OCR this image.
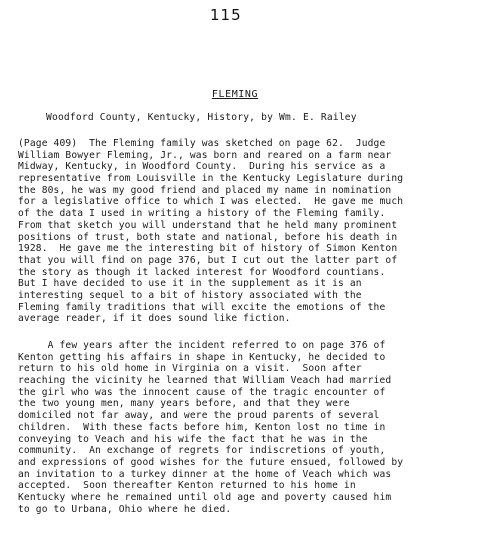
115
FLEMING
Woodford County, Kentucky, History, by Wm. E. Railey
(Page 409)  The Fleming family was sketched on page 62.  Judge
William Bowyer Fleming, Jr., was born and reared on a farm near
Midway, Kentucky, in Woodford County.  During his service as a
representative from Louisville in the Kentucky Legislature during
the 80s, he was my good friend and placed my name in nomination
for a legislative office to which I was elected.  He gave me much
of the data I used in writing a history of the Fleming family.
From that sketch you will understand that he held many prominent
positions of trust, both state and national, before his death in
1928.  He gave me the interesting bit of history of Simon Kenton
that you will find on page 376, but I cut out the latter part of
the story as though it lacked interest for Woodford countians.
But I have decided to use it in the supplement as it is an
interesting sequel to a bit of history associated with the
Fleming family traditions that will excite the emotions of the
average reader, if it does sound like fiction.
A few years after the incident referred to on page 376 of
Kenton getting his affairs in shape in Kentucky, he decided to
return to his old home in Virginia on a visit.  Soon after
reaching the vicinity he learned that William Veach had married
the girl who was the innocent cause of the tragic encounter of
the two young men, many years before, and that they were
domiciled not far away, and were the proud parents of several
children.  With these facts before him, Kenton lost no time in
conveying to Veach and his wife the fact that he was in the
community.  An exchange of regrets for indiscretions of youth,
and expressions of good wishes for the future ensued, followed by
an invitation to a turkey dinner at the home of Veach which was
accepted.  Soon thereafter Kenton returned to his home in
Kentucky where he remained until old age and poverty caused him
to go to Urbana, Ohio where he died.
